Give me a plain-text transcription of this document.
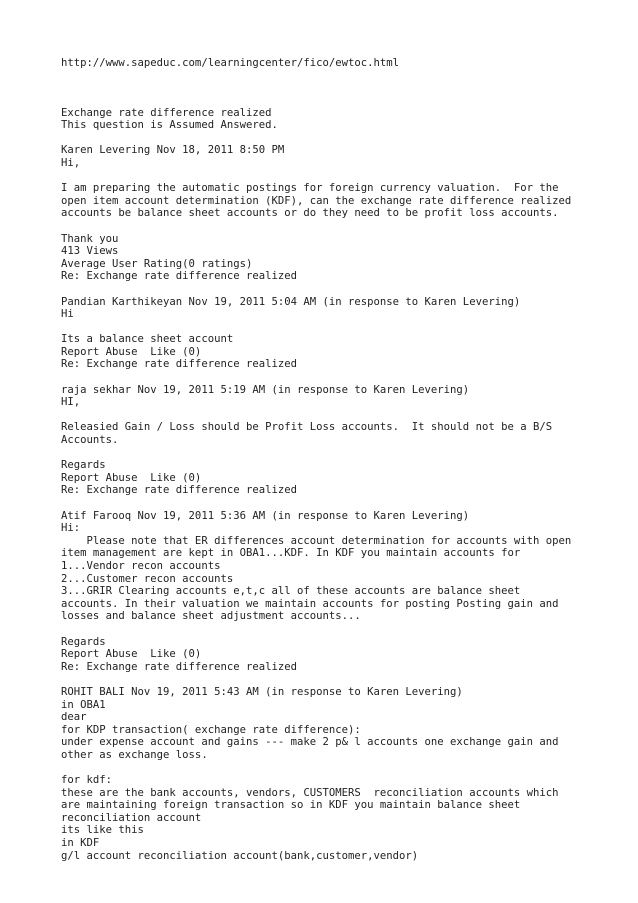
http://www.sapeduc.com/learningcenter/fico/ewtoc.html
Exchange rate difference realized
This question is Assumed Answered.
Karen Levering Nov 18, 2011 8:50 PM
Hi,
I am preparing the automatic postings for foreign currency valuation.  For the
open item account determination (KDF), can the exchange rate difference realized
accounts be balance sheet accounts or do they need to be profit loss accounts.
Thank you
413 Views
Average User Rating(0 ratings)
Re: Exchange rate difference realized
Pandian Karthikeyan Nov 19, 2011 5:04 AM (in response to Karen Levering)
Hi
Its a balance sheet account
Report Abuse  Like (0)
Re: Exchange rate difference realized
raja sekhar Nov 19, 2011 5:19 AM (in response to Karen Levering)
HI,
Releasied Gain / Loss should be Profit Loss accounts.  It should not be a B/S
Accounts.
Regards
Report Abuse  Like (0)
Re: Exchange rate difference realized
Atif Farooq Nov 19, 2011 5:36 AM (in response to Karen Levering)
Hi:
Please note that ER differences account determination for accounts with open
item management are kept in OBA1...KDF. In KDF you maintain accounts for
1...Vendor recon accounts
2...Customer recon accounts
3...GRIR Clearing accounts e,t,c all of these accounts are balance sheet
accounts. In their valuation we maintain accounts for posting Posting gain and
losses and balance sheet adjustment accounts...
Regards
Report Abuse  Like (0)
Re: Exchange rate difference realized
ROHIT BALI Nov 19, 2011 5:43 AM (in response to Karen Levering)
in OBA1
dear
for KDP transaction( exchange rate difference):
under expense account and gains --- make 2 p& l accounts one exchange gain and
other as exchange loss.
for kdf:
these are the bank accounts, vendors, CUSTOMERS  reconciliation accounts which
are maintaining foreign transaction so in KDF you maintain balance sheet
reconciliation account
its like this
in KDF
g/l account reconciliation account(bank,customer,vendor)
